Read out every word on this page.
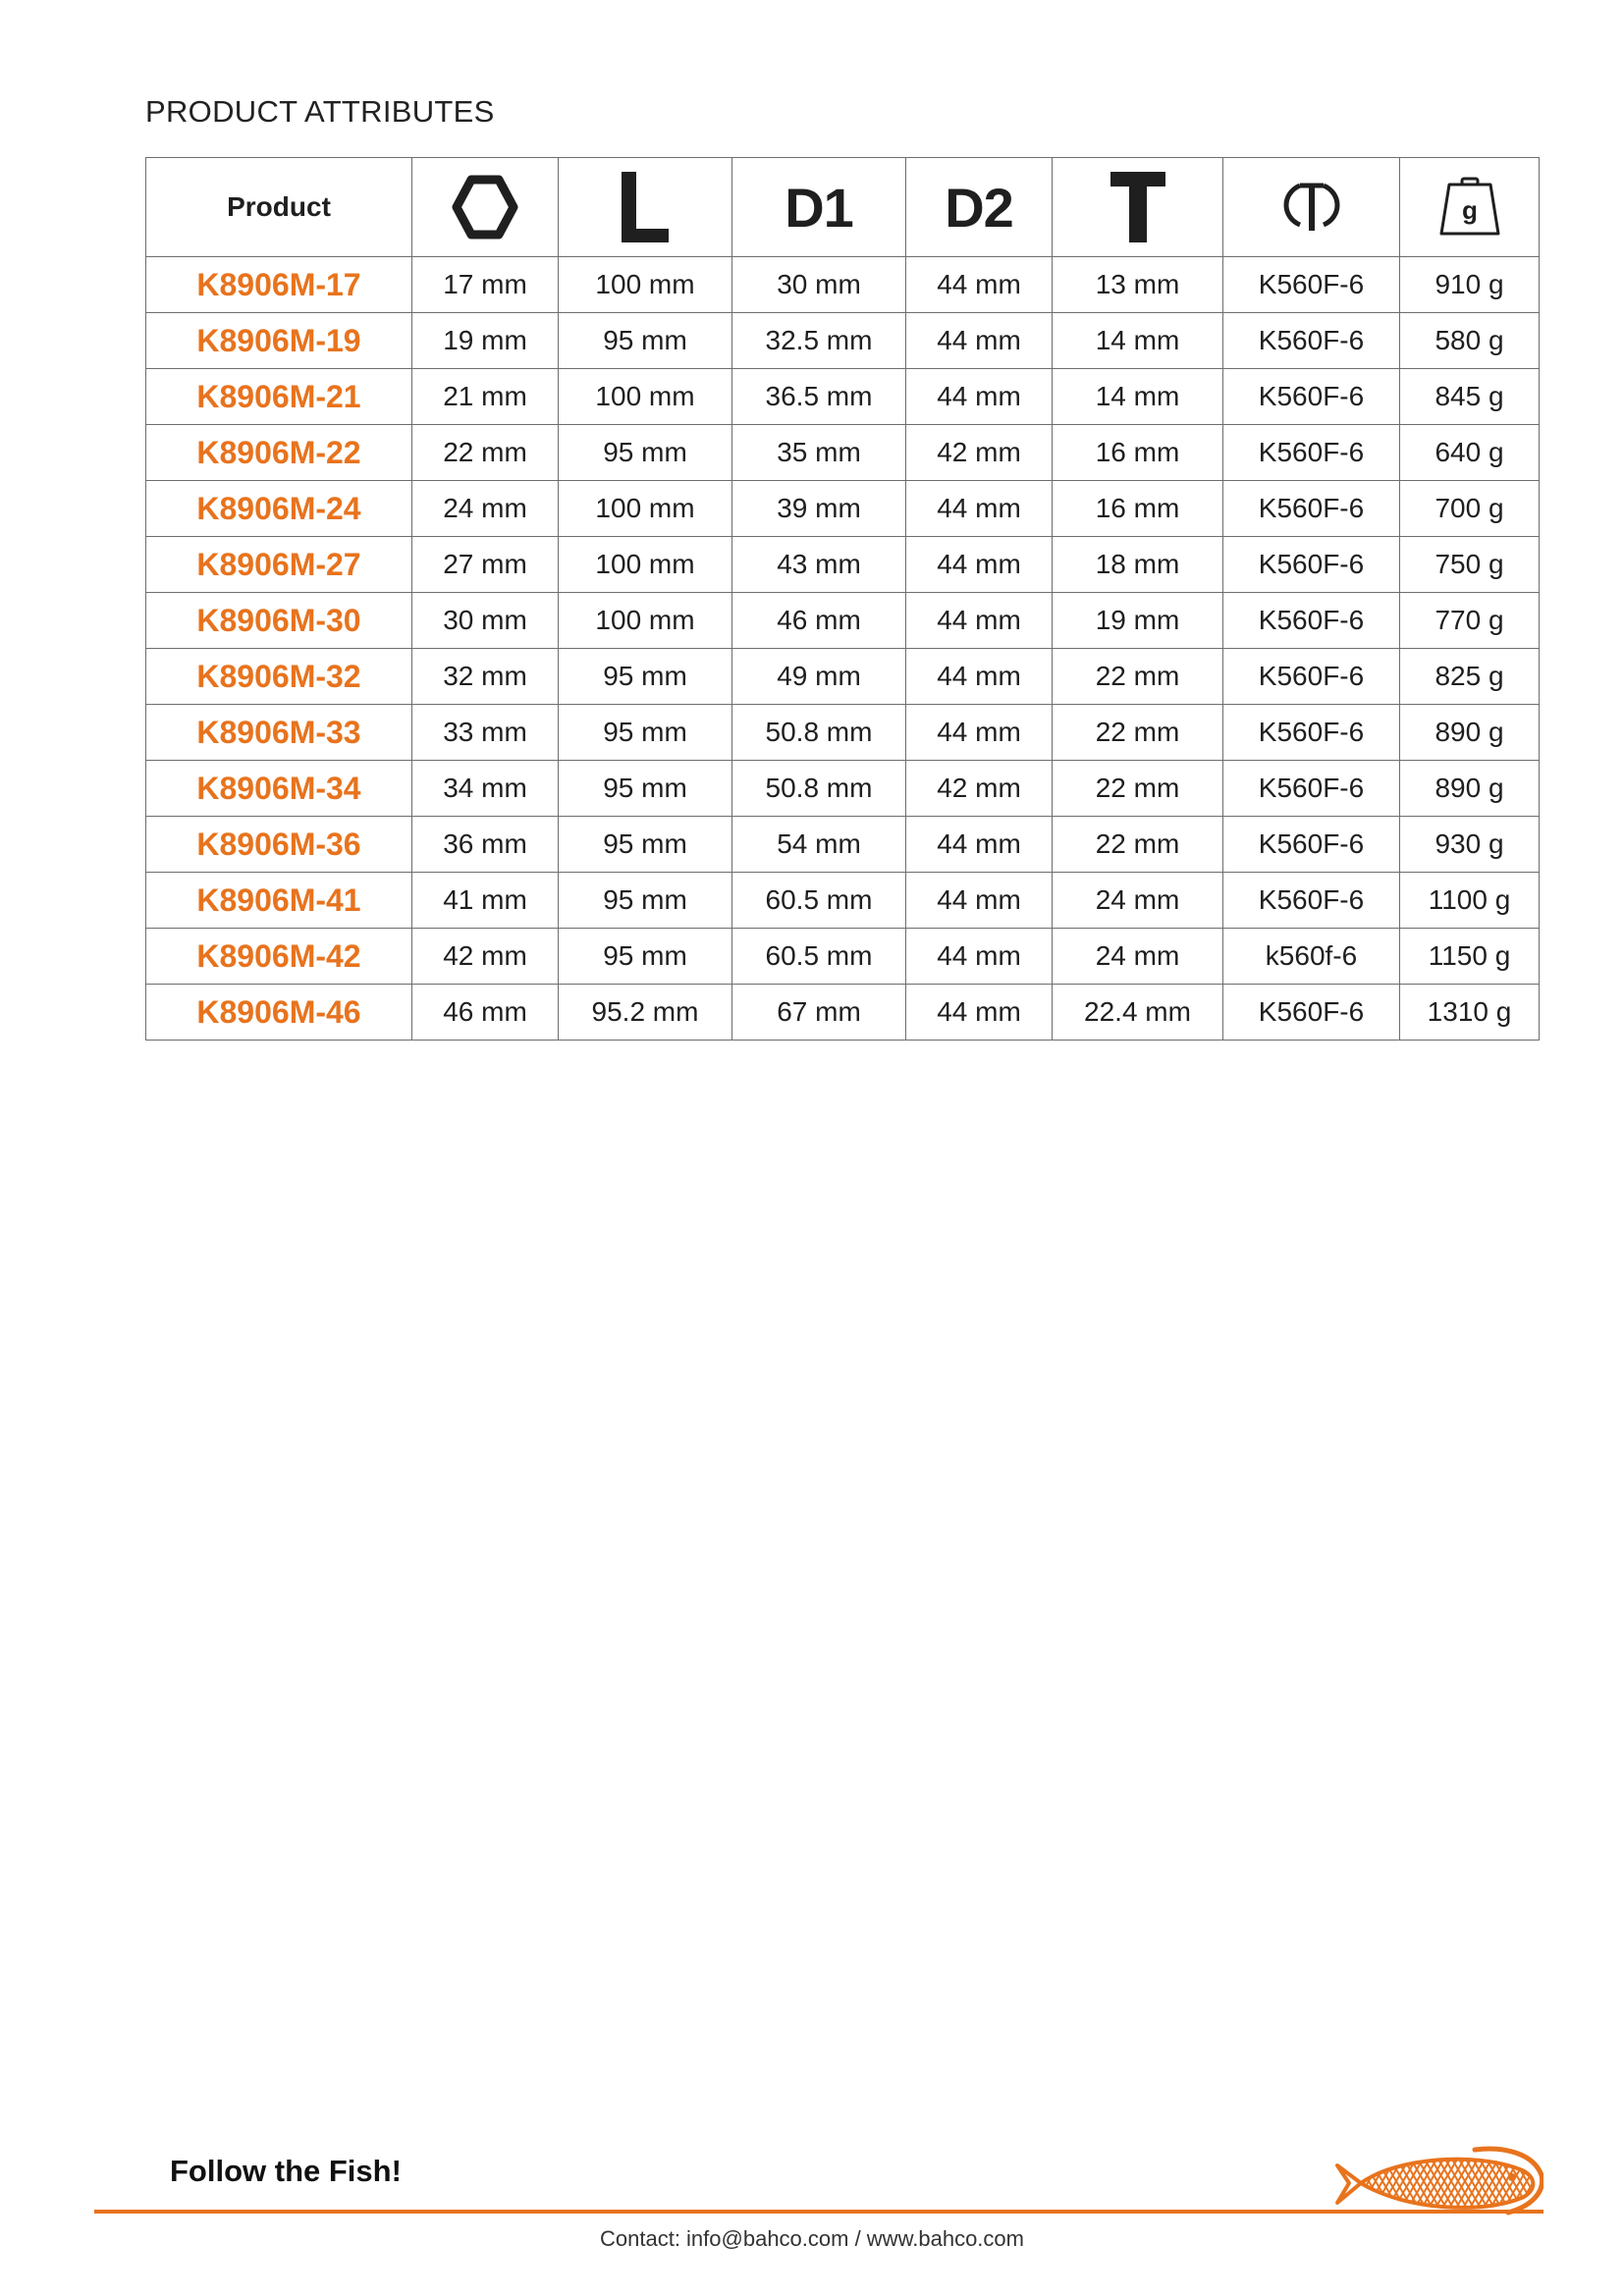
PRODUCT ATTRIBUTES
Product			D1	D2			g

K8906M-17	17 mm	100 mm	30 mm	44 mm	13 mm	K560F-6	910 g
K8906M-19	19 mm	95 mm	32.5 mm	44 mm	14 mm	K560F-6	580 g
K8906M-21	21 mm	100 mm	36.5 mm	44 mm	14 mm	K560F-6	845 g
K8906M-22	22 mm	95 mm	35 mm	42 mm	16 mm	K560F-6	640 g
K8906M-24	24 mm	100 mm	39 mm	44 mm	16 mm	K560F-6	700 g
K8906M-27	27 mm	100 mm	43 mm	44 mm	18 mm	K560F-6	750 g
K8906M-30	30 mm	100 mm	46 mm	44 mm	19 mm	K560F-6	770 g
K8906M-32	32 mm	95 mm	49 mm	44 mm	22 mm	K560F-6	825 g
K8906M-33	33 mm	95 mm	50.8 mm	44 mm	22 mm	K560F-6	890 g
K8906M-34	34 mm	95 mm	50.8 mm	42 mm	22 mm	K560F-6	890 g
K8906M-36	36 mm	95 mm	54 mm	44 mm	22 mm	K560F-6	930 g
K8906M-41	41 mm	95 mm	60.5 mm	44 mm	24 mm	K560F-6	1100 g
K8906M-42	42 mm	95 mm	60.5 mm	44 mm	24 mm	k560f-6	1150 g
K8906M-46	46 mm	95.2 mm	67 mm	44 mm	22.4 mm	K560F-6	1310 g
Follow the Fish!
Contact: info@bahco.com / www.bahco.com
